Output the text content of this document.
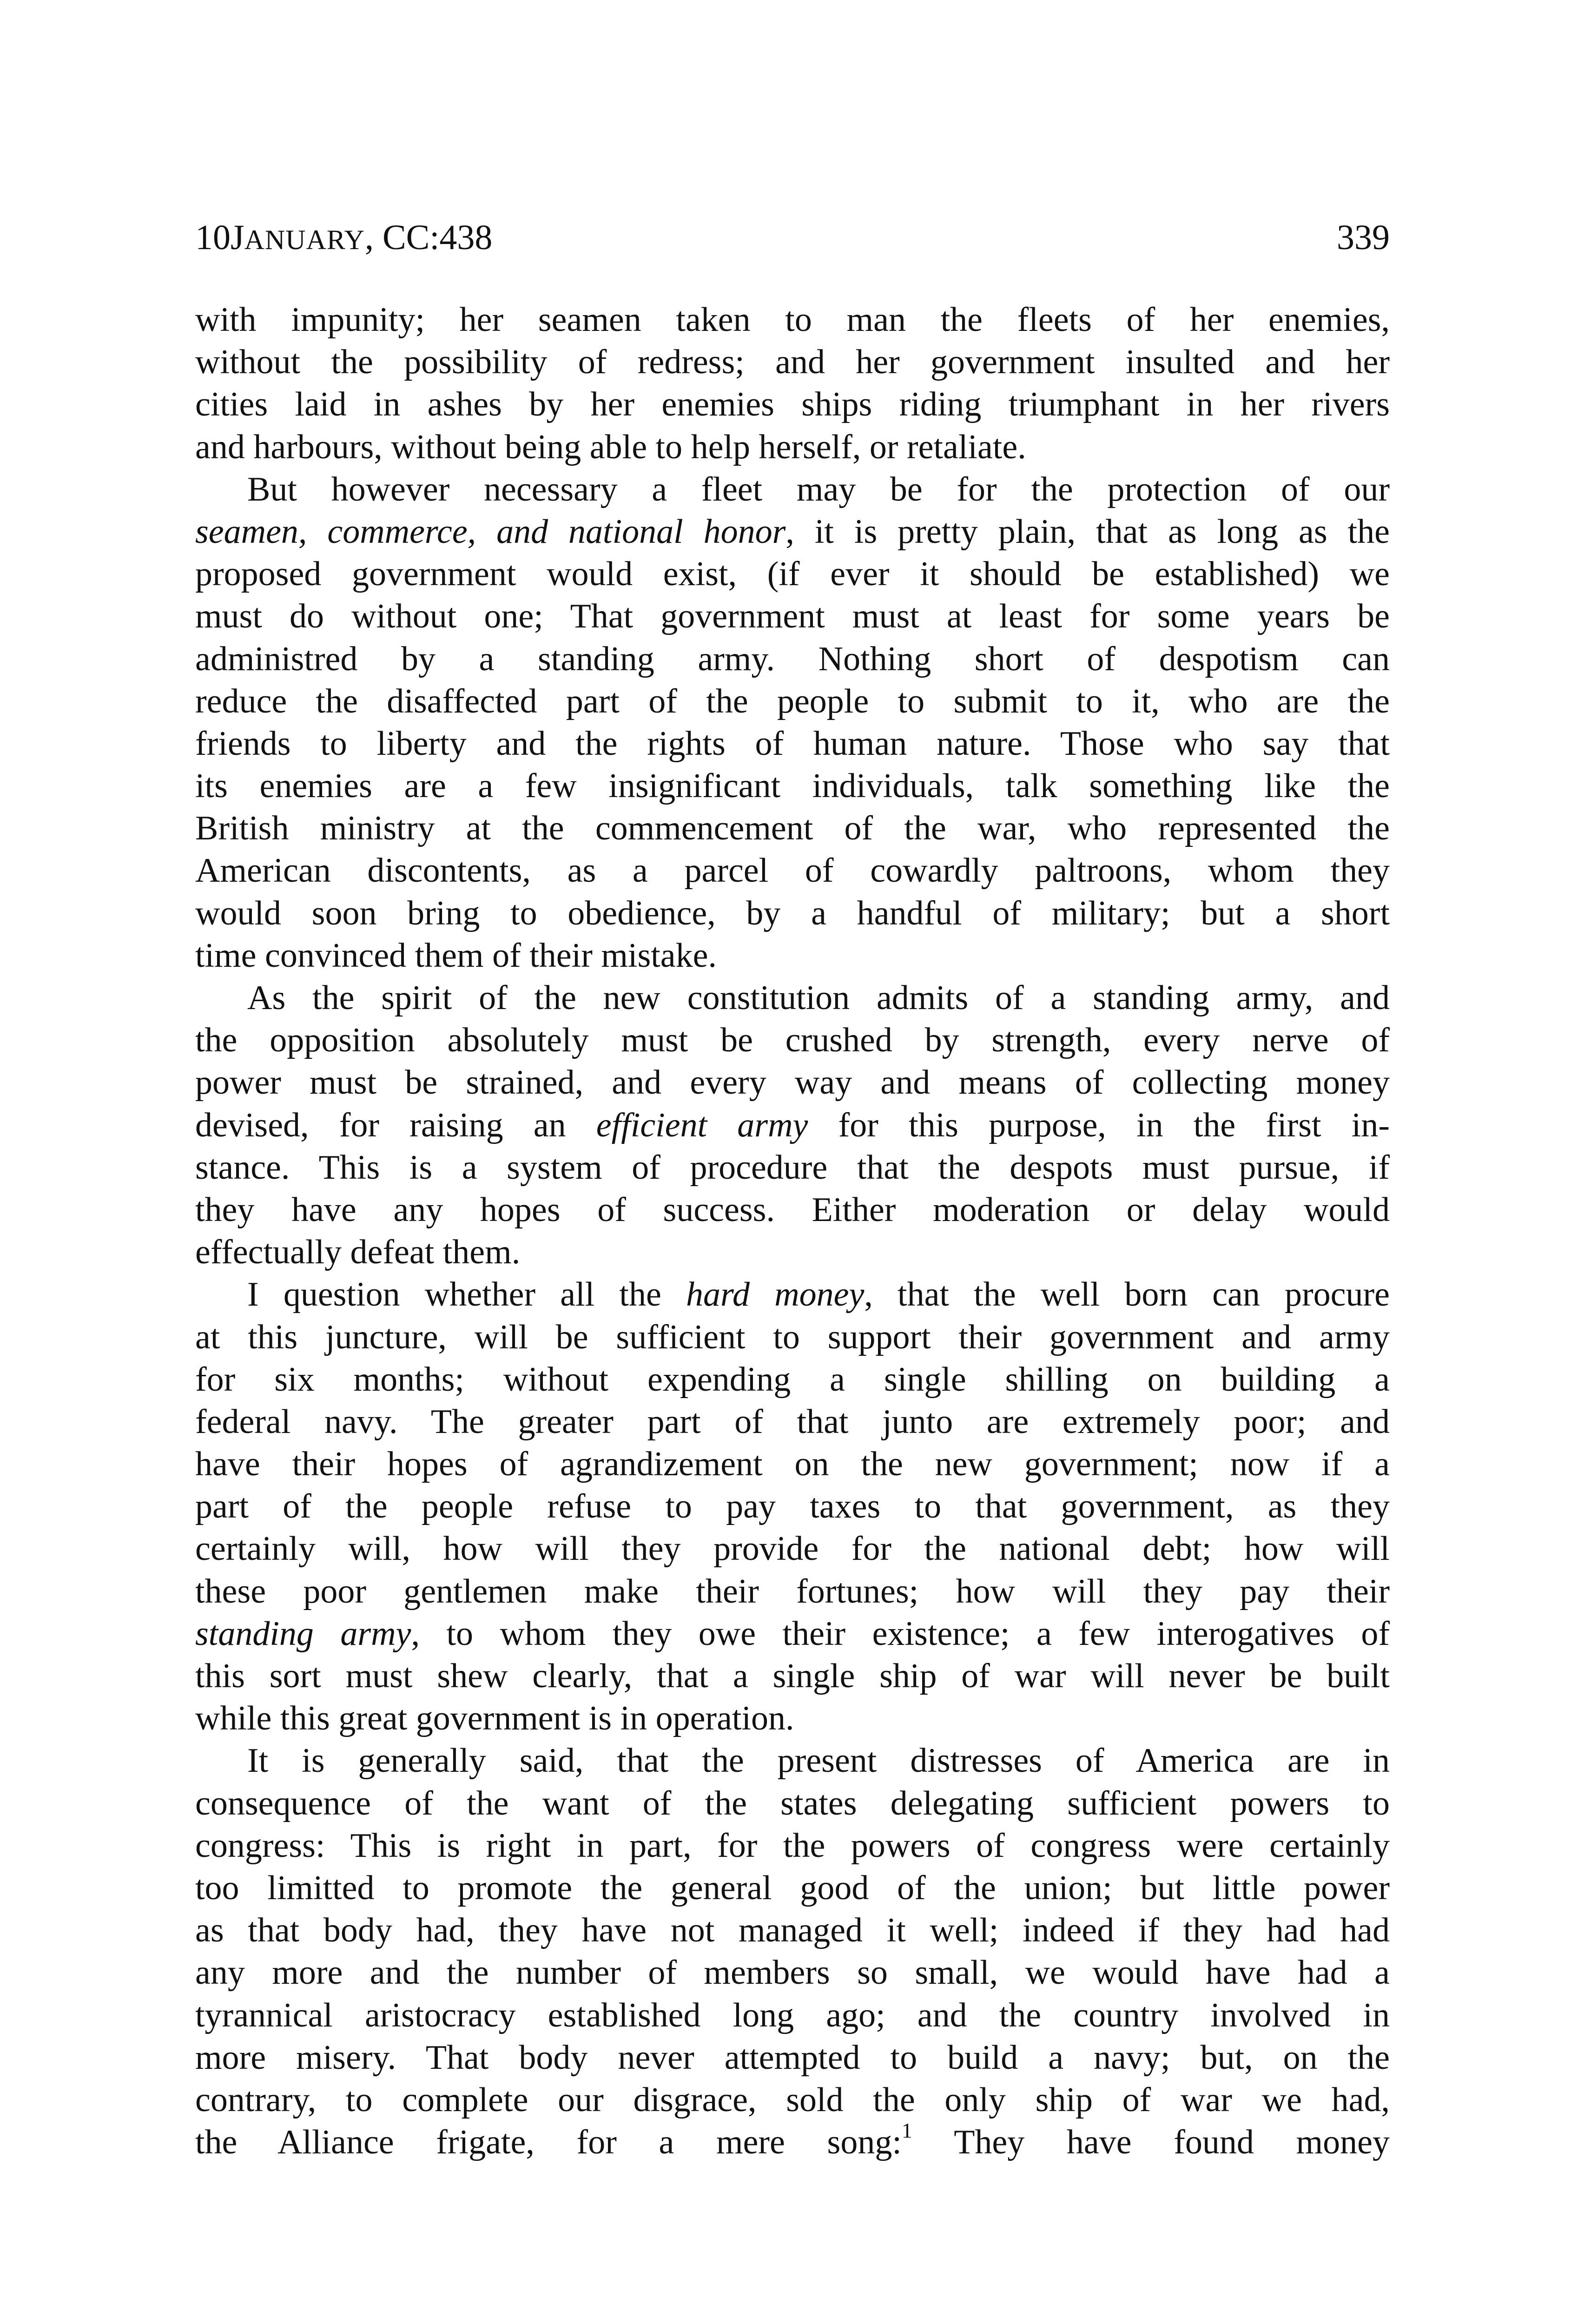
10JANUARY, CC:438	339
with impunity; her seamen taken to man the fleets of her enemies,
without the possibility of redress; and her government insulted and her
cities laid in ashes by her enemies ships riding triumphant in her rivers
and harbours, without being able to help herself, or retaliate.
But however necessary a fleet may be for the protection of our
seamen, commerce, and national honor, it is pretty plain, that as long as the
proposed government would exist, (if ever it should be established) we
must do without one; That government must at least for some years be
administred by a standing army. Nothing short of despotism can
reduce the disaffected part of the people to submit to it, who are the
friends to liberty and the rights of human nature. Those who say that
its enemies are a few insignificant individuals, talk something like the
British ministry at the commencement of the war, who represented the
American discontents, as a parcel of cowardly paltroons, whom they
would soon bring to obedience, by a handful of military; but a short
time convinced them of their mistake.
As the spirit of the new constitution admits of a standing army, and
the opposition absolutely must be crushed by strength, every nerve of
power must be strained, and every way and means of collecting money
devised, for raising an efficient army for this purpose, in the first in-
stance. This is a system of procedure that the despots must pursue, if
they have any hopes of success. Either moderation or delay would
effectually defeat them.
I question whether all the hard money, that the well born can procure
at this juncture, will be sufficient to support their government and army
for six months; without expending a single shilling on building a
federal navy. The greater part of that junto are extremely poor; and
have their hopes of agrandizement on the new government; now if a
part of the people refuse to pay taxes to that government, as they
certainly will, how will they provide for the national debt; how will
these poor gentlemen make their fortunes; how will they pay their
standing army, to whom they owe their existence; a few interogatives of
this sort must shew clearly, that a single ship of war will never be built
while this great government is in operation.
It is generally said, that the present distresses of America are in
consequence of the want of the states delegating sufficient powers to
congress: This is right in part, for the powers of congress were certainly
too limitted to promote the general good of the union; but little power
as that body had, they have not managed it well; indeed if they had had
any more and the number of members so small, we would have had a
tyrannical aristocracy established long ago; and the country involved in
more misery. That body never attempted to build a navy; but, on the
contrary, to complete our disgrace, sold the only ship of war we had,
the Alliance frigate, for a mere song:$^1$ They have found money
